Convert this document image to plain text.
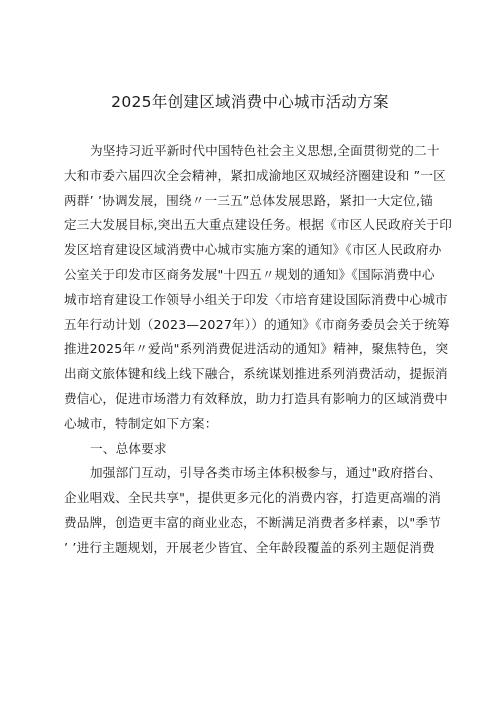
2025年创建区域消费中心城市活动方案
为坚持习近平新时代中国特色社会主义思想,全面贯彻党的二十
大和市委六届四次全会精神，紧扣成渝地区双城经济圈建设和 ”一区
两群’ ’协调发展，围绕〃一三五”总体发展思路，紧扣一大定位,锚
定三大发展目标,突出五大重点建设任务。根据《市区人民政府关于印
发区培育建设区域消费中心城市实施方案的通知》《市区人民政府办
公室关于印发市区商务发展"十四五〃规划的通知》《国际消费中心
城市培育建设工作领导小组关于印发〈市培育建设国际消费中心城市
五年行动计划（2023—2027年））的通知》《市商务委员会关于统筹
推进2025年〃爱尚"系列消费促进活动的通知》精神，聚焦特色，突
出商文旅体键和线上线下融合，系统谋划推进系列消费活动，提振消
费信心，促进市场潜力有效释放，助力打造具有影响力的区域消费中
心城市，特制定如下方案：
一、总体要求
加强部门互动，引导各类市场主体积极参与，通过"政府搭台、
企业唱戏、全民共享"，提供更多元化的消费内容，打造更高端的消
费品牌，创造更丰富的商业业态，不断满足消费者多样素，以"季节
’ ’进行主题规划，开展老少皆宜、全年龄段覆盖的系列主题促消费
